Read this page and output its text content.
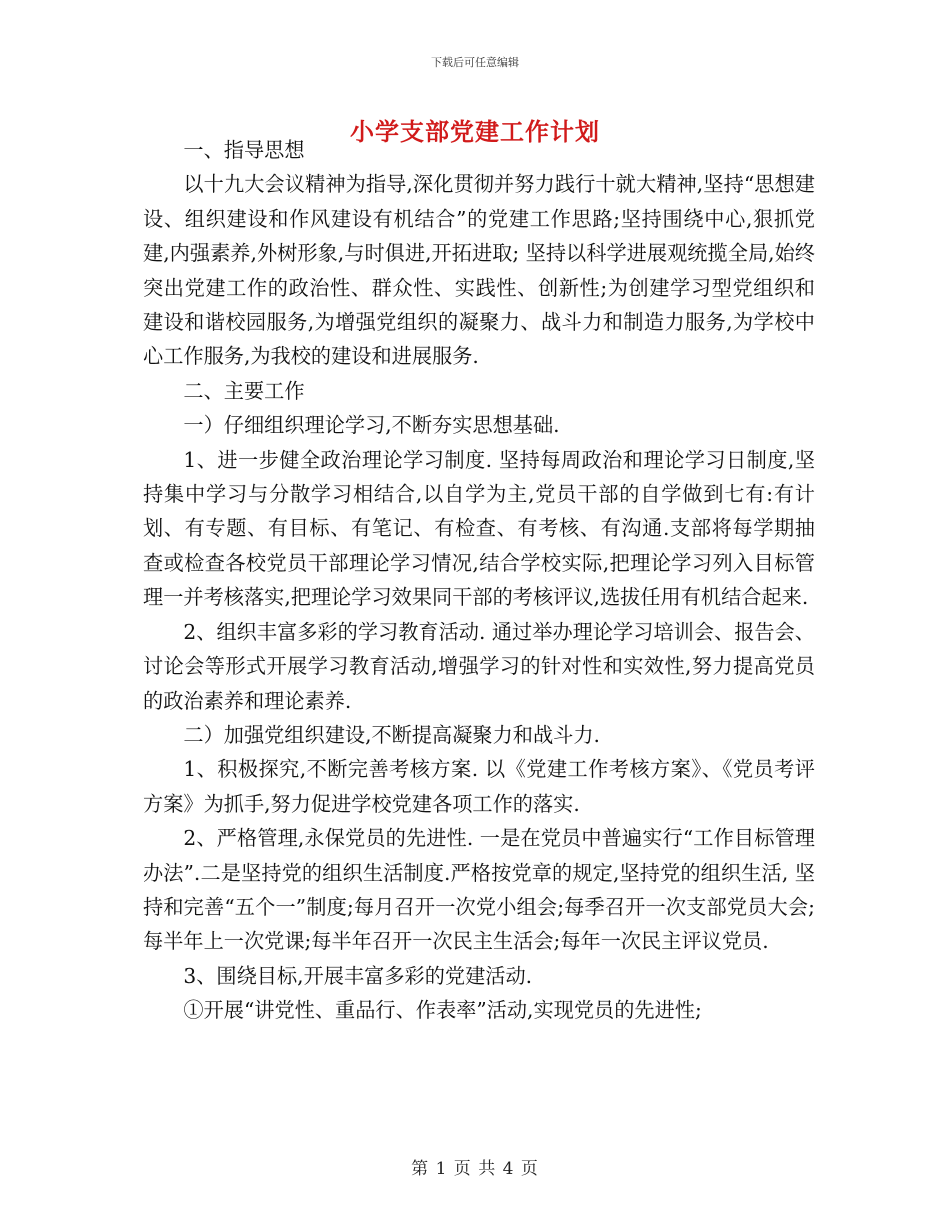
下载后可任意编辑
小学支部党建工作计划

一、指导思想

以十九大会议精神为指导,深化贯彻并努力践行十就大精神,坚持“思想建设、组织建设和作风建设有机结合”的党建工作思路;坚持围绕中心,狠抓党建,内强素养,外树形象,与时俱进,开拓进取; 坚持以科学进展观统揽全局,始终突出党建工作的政治性、群众性、实践性、创新性;为创建学习型党组织和建设和谐校园服务,为增强党组织的凝聚力、战斗力和制造力服务,为学校中心工作服务,为我校的建设和进展服务.

二、主要工作

一）仔细组织理论学习,不断夯实思想基础.

1、进一步健全政治理论学习制度. 坚持每周政治和理论学习日制度,坚持集中学习与分散学习相结合,以自学为主,党员干部的自学做到七有:有计划、有专题、有目标、有笔记、有检查、有考核、有沟通.支部将每学期抽查或检查各校党员干部理论学习情况,结合学校实际,把理论学习列入目标管理一并考核落实,把理论学习效果同干部的考核评议,选拔任用有机结合起来.

2、组织丰富多彩的学习教育活动. 通过举办理论学习培训会、报告会、讨论会等形式开展学习教育活动,增强学习的针对性和实效性,努力提高党员的政治素养和理论素养.

二）加强党组织建设,不断提高凝聚力和战斗力.

1、积极探究,不断完善考核方案. 以《党建工作考核方案》、《党员考评方案》为抓手,努力促进学校党建各项工作的落实.

2、严格管理,永保党员的先进性. 一是在党员中普遍实行“工作目标管理办法”.二是坚持党的组织生活制度.严格按党章的规定,坚持党的组织生活, 坚持和完善“五个一”制度;每月召开一次党小组会;每季召开一次支部党员大会;每半年上一次党课;每半年召开一次民主生活会;每年一次民主评议党员.

3、围绕目标,开展丰富多彩的党建活动.

①开展“讲党性、重品行、作表率”活动,实现党员的先进性;

第 1 页 共 4 页
